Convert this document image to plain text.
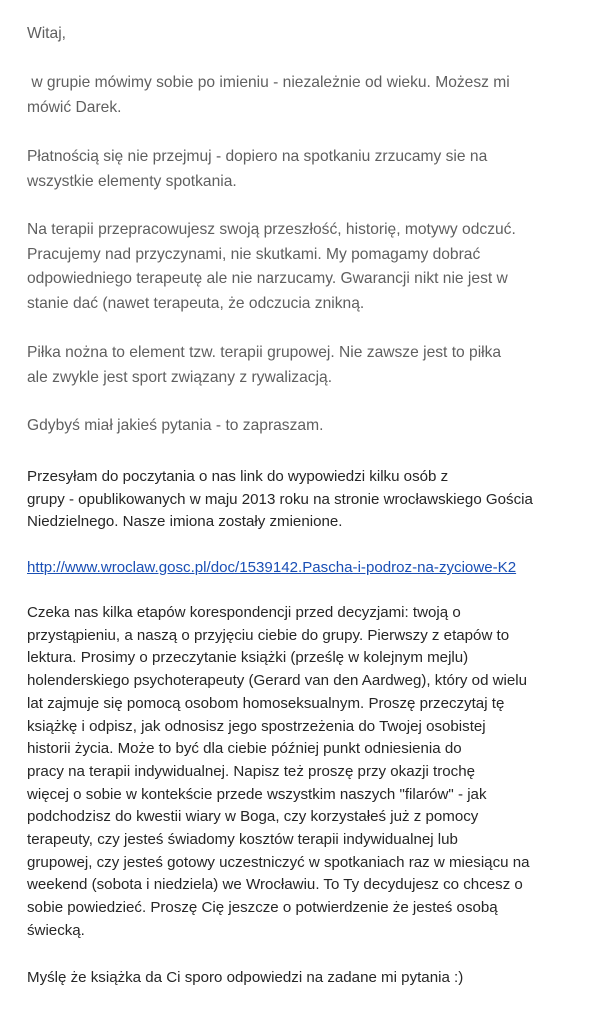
Witaj,

w grupie mówimy sobie po imieniu - niezależnie od wieku. Możesz mi
mówić Darek.

Płatnością się nie przejmuj - dopiero na spotkaniu zrzucamy sie na
wszystkie elementy spotkania.

Na terapii przepracowujesz swoją przeszłość, historię, motywy odczuć.
Pracujemy nad przyczynami, nie skutkami. My pomagamy dobrać
odpowiedniego terapeutę ale nie narzucamy. Gwarancji nikt nie jest w
stanie dać (nawet terapeuta, że odczucia znikną.

Piłka nożna to element tzw. terapii grupowej. Nie zawsze jest to piłka
ale zwykle jest sport związany z rywalizacją.

Gdybyś miał jakieś pytania - to zapraszam.

Przesyłam do poczytania o nas link do wypowiedzi kilku osób z
grupy - opublikowanych w maju 2013 roku na stronie wrocławskiego Gościa
Niedzielnego. Nasze imiona zostały zmienione.

http://www.wroclaw.gosc.pl/doc/1539142.Pascha-i-podroz-na-zyciowe-K2

Czeka nas kilka etapów korespondencji przed decyzjami: twoją o
przystąpieniu, a naszą o przyjęciu ciebie do grupy. Pierwszy z etapów to
lektura. Prosimy o przeczytanie książki (prześlę w kolejnym mejlu)
holenderskiego psychoterapeuty (Gerard van den Aardweg), który od wielu
lat zajmuje się pomocą osobom homoseksualnym. Proszę przeczytaj tę
książkę i odpisz, jak odnosisz jego spostrzeżenia do Twojej osobistej
historii życia. Może to być dla ciebie później punkt odniesienia do
pracy na terapii indywidualnej. Napisz też proszę przy okazji trochę
więcej o sobie w kontekście przede wszystkim naszych "filarów" - jak
podchodzisz do kwestii wiary w Boga, czy korzystałeś już z pomocy
terapeuty, czy jesteś świadomy kosztów terapii indywidualnej lub
grupowej, czy jesteś gotowy uczestniczyć w spotkaniach raz w miesiącu na
weekend (sobota i niedziela) we Wrocławiu. To Ty decydujesz co chcesz o
sobie powiedzieć. Proszę Cię jeszcze o potwierdzenie że jesteś osobą
świecką.

Myślę że książka da Ci sporo odpowiedzi na zadane mi pytania :)
